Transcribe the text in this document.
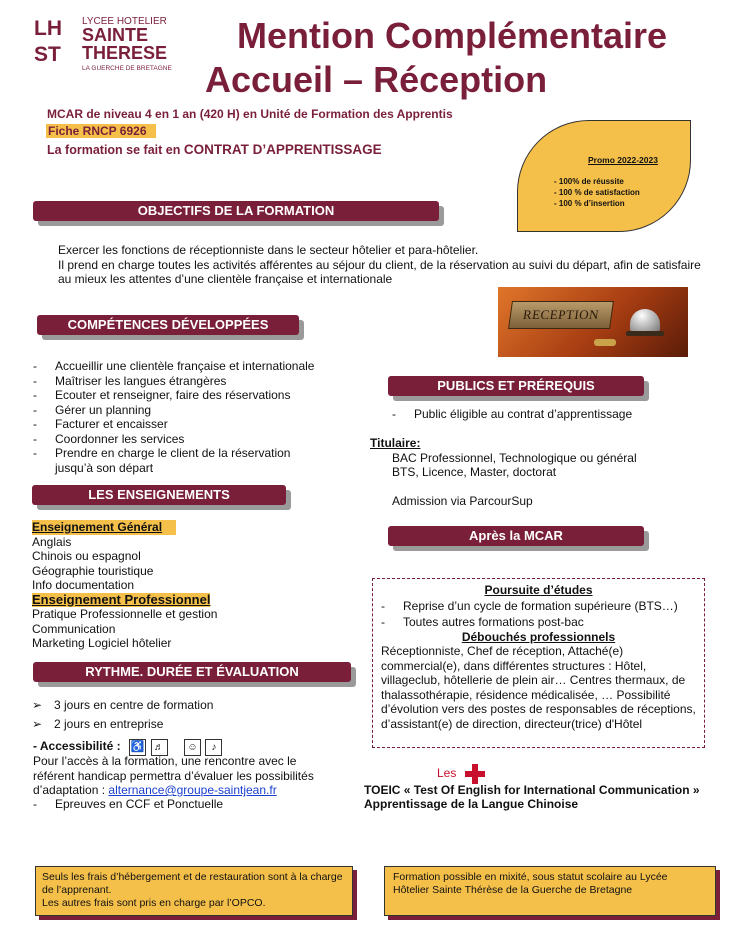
LH
ST
LYCEE HOTELIER
SAINTE
THERESE
LA GUERCHE DE BRETAGNE
Mention Complémentaire
Accueil – Réception
MCAR de niveau 4 en 1 an (420 H) en Unité de Formation des Apprentis
Fiche RNCP 6926
La formation se fait en CONTRAT D’APPRENTISSAGE
Promo 2022-2023
- 100% de réussite
- 100 % de satisfaction
- 100 % d’insertion
OBJECTIFS DE LA FORMATION
Exercer les fonctions de réceptionniste dans le secteur hôtelier et para-hôtelier.
Il prend en charge toutes les activités afférentes au séjour du client, de la réservation au suivi du départ, afin de satisfaire
au mieux les attentes d’une clientèle française et internationale
RECEPTION
COMPÉTENCES DÉVELOPPÉES
- Accueillir une clientèle française et internationale
- Maîtriser les langues étrangères
- Ecouter et renseigner, faire des réservations
- Gérer un planning
- Facturer et encaisser
- Coordonner les services
- Prendre en charge le client de la réservation jusqu’à son départ
PUBLICS ET PRÉREQUIS
- Public éligible au contrat d’apprentissage
Titulaire:
BAC Professionnel, Technologique ou général
BTS, Licence, Master, doctorat
Admission via ParcourSup
LES ENSEIGNEMENTS
Enseignement Général
Anglais
Chinois ou espagnol
Géographie touristique
Info documentation
Enseignement Professionnel
Pratique Professionnelle et gestion
Communication
Marketing Logiciel hôtelier
Après la MCAR
Poursuite d’études
- Reprise d’un cycle de formation supérieure (BTS…)
- Toutes autres formations post-bac
Débouchés professionnels
Réceptionniste, Chef de réception, Attaché(e) commercial(e), dans différentes structures : Hôtel, villageclub, hôtellerie de plein air… Centres thermaux, de thalassothérapie, résidence médicalisée, … Possibilité d’évolution vers des postes de responsables de réceptions, d’assistant(e) de direction, directeur(trice) d'Hôtel
RYTHME. DURÉE ET ÉVALUATION
➢ 3 jours en centre de formation
➢ 2 jours en entreprise
$^{- Accessibilité :}$ ♿ ♬ ☺ ♪
Pour l’accès à la formation, une rencontre avec le référent handicap permettra d’évaluer les possibilités d’adaptation : alternance@groupe-saintjean.fr
- Epreuves en CCF et Ponctuelle
$^{Les}$
TOEIC « Test Of English for International Communication »
Apprentissage de la Langue Chinoise
Seuls les frais d’hébergement et de restauration sont à la charge de l’apprenant.
Les autres frais sont pris en charge par l’OPCO.
Formation possible en mixité, sous statut scolaire au Lycée Hôtelier Sainte Thérèse de la Guerche de Bretagne
